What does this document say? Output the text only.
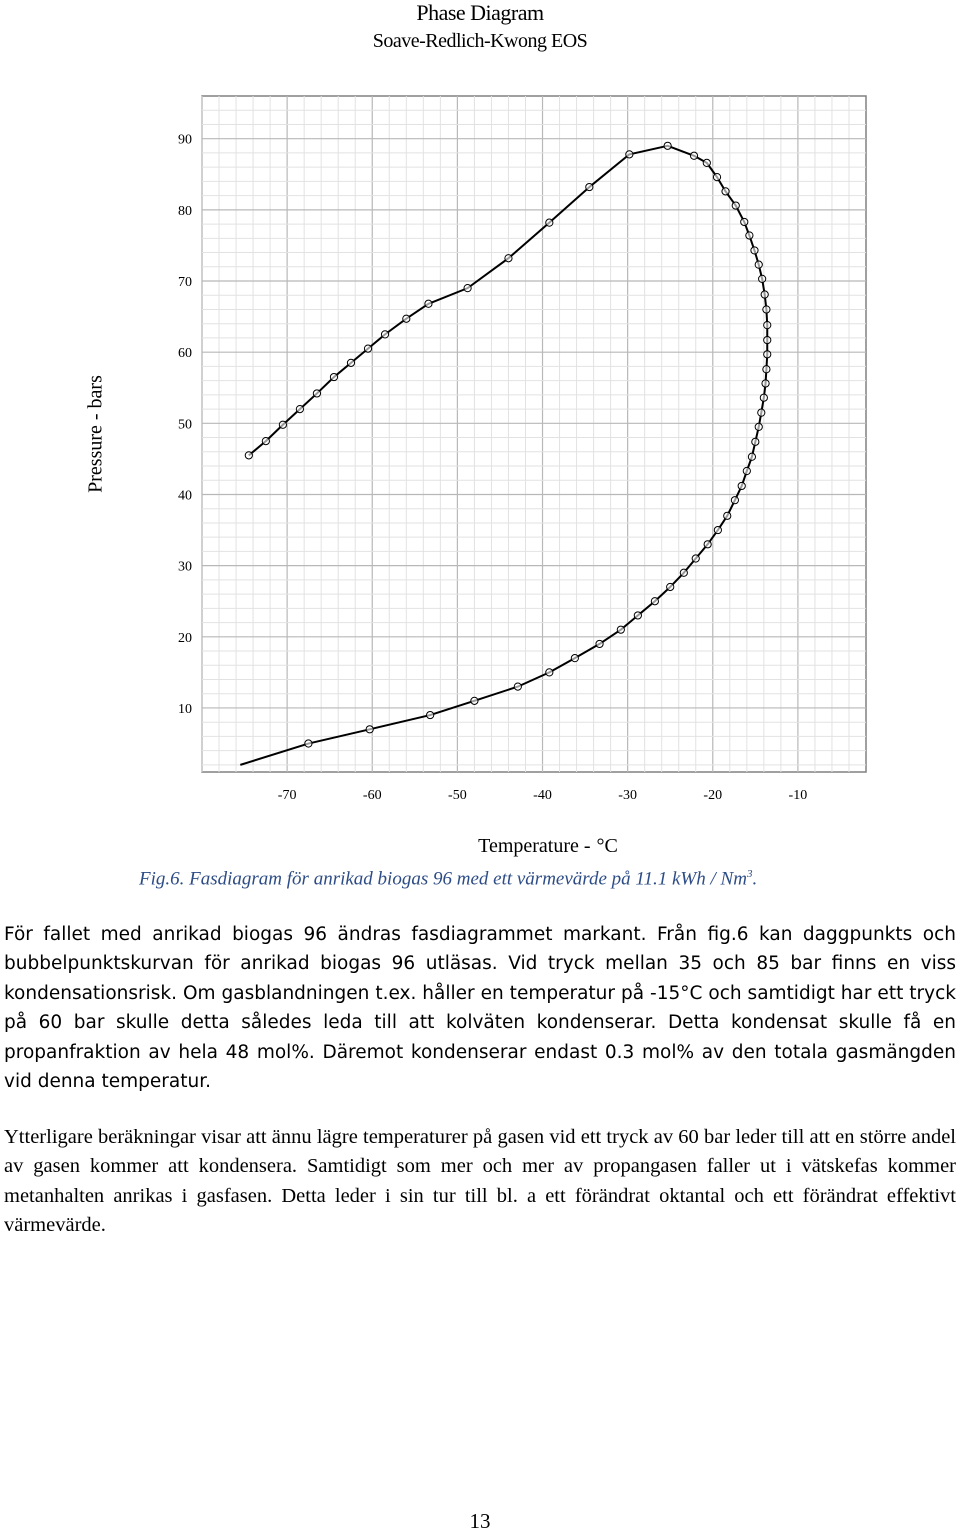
Phase Diagram
Soave-Redlich-Kwong EOS
-70	-60	-50	-40	-30	-20	-10
10
20
30
40
50
60
70
80
90
Pressure - bars
Temperature - °C
Fig.6. Fasdiagram för anrikad biogas 96 med ett värmevärde på 11.1 kWh / Nm$^3$.

För fallet med anrikad biogas 96 ändras fasdiagrammet markant. Från fig.6 kan daggpunkts och bubbelpunktskurvan för anrikad biogas 96 utläsas. Vid tryck mellan 35 och 85 bar finns en viss kondensationsrisk. Om gasblandningen t.ex. håller en temperatur på -15°C och samtidigt har ett tryck på 60 bar skulle detta således leda till att kolväten kondenserar. Detta kondensat skulle få en propanfraktion av hela 48 mol%. Däremot kondenserar endast 0.3 mol% av den totala gasmängden vid denna temperatur.

Ytterligare beräkningar visar att ännu lägre temperaturer på gasen vid ett tryck av 60 bar leder till att en större andel av gasen kommer att kondensera. Samtidigt som mer och mer av propangasen faller ut i vätskefas kommer metanhalten anrikas i gasfasen. Detta leder i sin tur till bl. a ett förändrat oktantal och ett förändrat effektivt värmevärde.

13
